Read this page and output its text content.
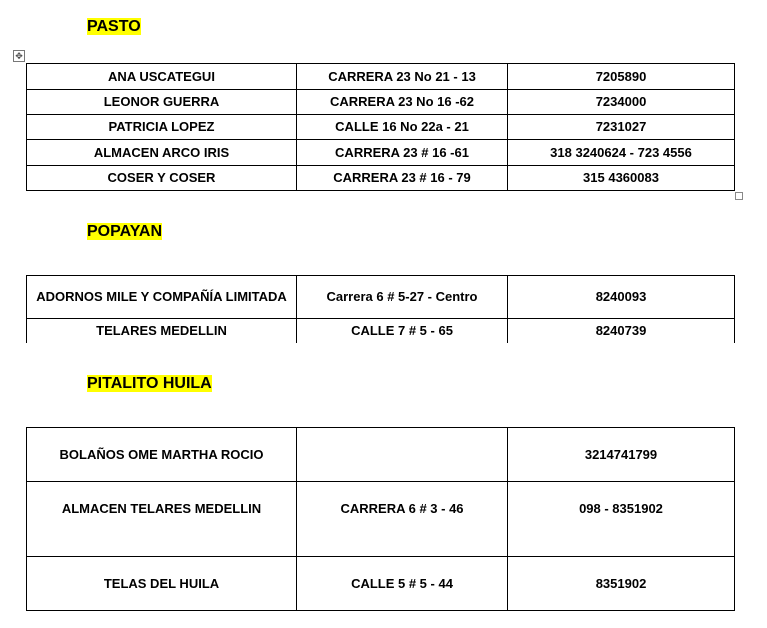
PASTO
✥
ANA USCATEGUI	CARRERA 23 No 21 - 13	7205890
LEONOR GUERRA	CARRERA 23 No 16 -62	7234000
PATRICIA LOPEZ	CALLE 16 No 22a - 21	7231027
ALMACEN ARCO IRIS	CARRERA 23 # 16 -61	318 3240624 - 723 4556
COSER Y COSER	CARRERA 23 # 16 - 79	315 4360083
POPAYAN
ADORNOS MILE Y COMPAÑÍA LIMITADA	Carrera 6 # 5-27 - Centro	8240093
TELARES MEDELLIN	CALLE 7 # 5 - 65	8240739
PITALITO HUILA
BOLAÑOS OME MARTHA ROCIO		3214741799
ALMACEN TELARES MEDELLIN	CARRERA 6 # 3 - 46	098 - 8351902
TELAS DEL HUILA	CALLE 5 # 5 - 44	8351902
